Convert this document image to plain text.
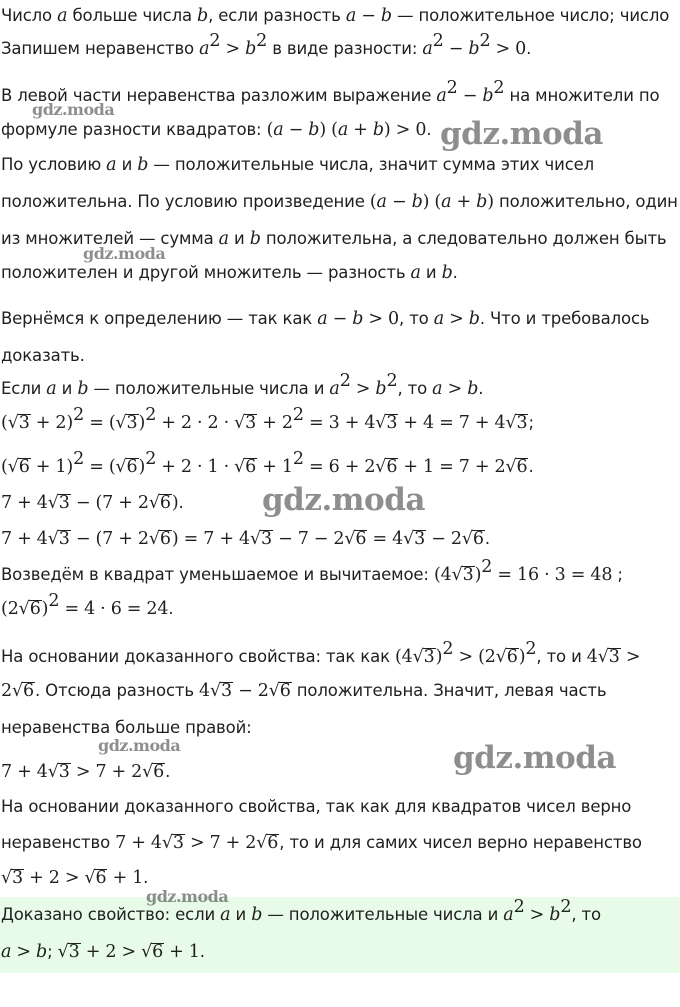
Число a больше числа b, если разность a − b — положительное число; число
Запишем неравенство $a^2 > b^2$ в виде разности: $a^2 - b^2 > 0$.
В левой части неравенства разложим выражение $a^2 - b^2$ на множители по
формуле разности квадратов: (a − b) (a + b) > 0.
По условию a и b — положительные числа, значит сумма этих чисел
положительна. По условию произведение (a − b) (a + b) положительно, один
из множителей — сумма a и b положительна, а следовательно должен быть
положителен и другой множитель — разность a и b.
Вернёмся к определению — так как a − b > 0, то a > b. Что и требовалось
доказать.
Если a и b — положительные числа и $a^2 > b^2$, то a > b.
$(√3 + 2)^2 = (√3)^2 + 2 \cdot 2 \cdot √3 + 2^2 = 3 + 4√3 + 4 = 7 + 4√3$;
$(√6 + 1)^2 = (√6)^2 + 2 \cdot 1 \cdot √6 + 1^2 = 6 + 2√6 + 1 = 7 + 2√6$.
7 + 4√3 − (7 + 2√6).
7 + 4√3 − (7 + 2√6) = 7 + 4√3 − 7 − 2√6 = 4√3 − 2√6.
Возведём в квадрат уменьшаемое и вычитаемое: $(4√3)^2 = 16 \cdot 3 = 48$ ;
$(2√6)^2 = 4 \cdot 6 = 24$.
На основании доказанного свойства: так как $(4√3)^2 > (2√6)^2$, то и 4√3 >
2√6. Отсюда разность 4√3 − 2√6 положительна. Значит, левая часть
неравенства больше правой:
7 + 4√3 > 7 + 2√6.
На основании доказанного свойства, так как для квадратов чисел верно
неравенство 7 + 4√3 > 7 + 2√6, то и для самих чисел верно неравенство
√3 + 2 > √6 + 1.
Доказано свойство: если a и b — положительные числа и $a^2 > b^2$, то
a > b; √3 + 2 > √6 + 1.
gdz.moda
gdz.moda
gdz.moda
gdz.moda
gdz.moda	gdz.moda
gdz.moda
